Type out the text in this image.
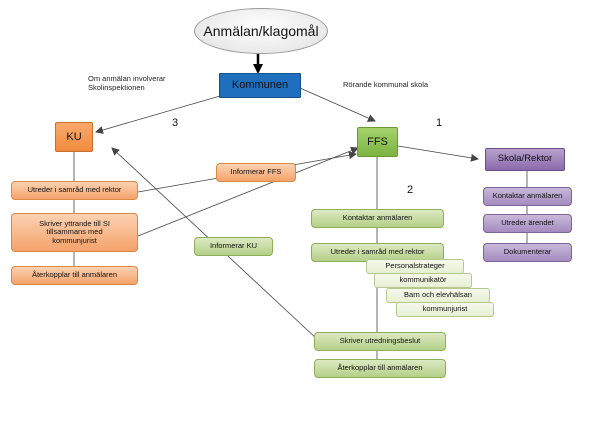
Anmälan/klagomål
Kommunen
Om anmälan involverar
Skolinspektionen	Rörande kommunal skola
3	1
2
KU
Utreder i samråd med rektor
Skriver yttrande till SI tillsammans med kommunjurist
Återkopplar till anmälaren
Informerar FFS
FFS
Kontaktar anmälaren
Utreder i samråd med rektor
Personalstrateger
kommunikatör
Barn och elevhälsan
kommunjurist
Skriver utredningsbeslut
Återkopplar till anmälaren
Informerar KU
Skola/Rektor
Kontaktar anmälaren
Utreder ärendet
Dokumenterar
